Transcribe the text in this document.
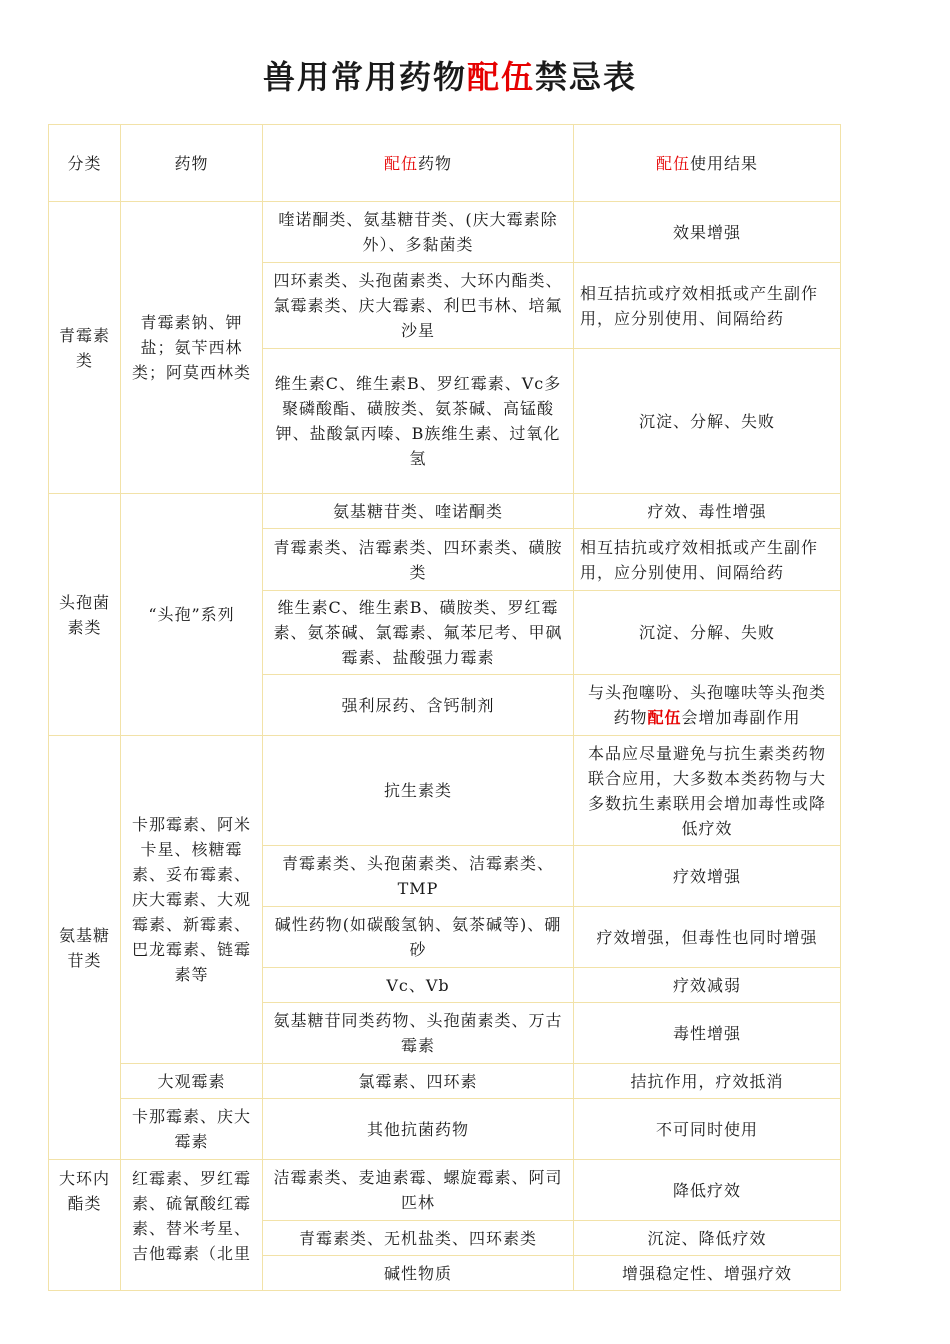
兽用常用药物配伍禁忌表
分类	药物	配伍药物	配伍使用结果
青霉素类	青霉素钠、钾盐；氨苄西林类；阿莫西林类	喹诺酮类、氨基糖苷类、(庆大霉素除外）、多黏菌类	效果增强
		四环素类、头孢菌素类、大环内酯类、氯霉素类、庆大霉素、利巴韦林、培氟沙星	相互拮抗或疗效相抵或产生副作用，应分别使用、间隔给药
		维生素C、维生素B、罗红霉素、Vc多聚磷酸酯、磺胺类、氨茶碱、高锰酸钾、盐酸氯丙嗪、B族维生素、过氧化氢	沉淀、分解、失败
头孢菌素类	“头孢”系列	氨基糖苷类、喹诺酮类	疗效、毒性增强
		青霉素类、洁霉素类、四环素类、磺胺类	相互拮抗或疗效相抵或产生副作用，应分别使用、间隔给药
		维生素C、维生素B、磺胺类、罗红霉素、氨茶碱、氯霉素、氟苯尼考、甲砜霉素、盐酸强力霉素	沉淀、分解、失败
		强利尿药、含钙制剂	与头孢噻吩、头孢噻呋等头孢类药物配伍会增加毒副作用
氨基糖苷类	卡那霉素、阿米卡星、核糖霉素、妥布霉素、庆大霉素、大观霉素、新霉素、巴龙霉素、链霉素等	抗生素类	本品应尽量避免与抗生素类药物联合应用，大多数本类药物与大多数抗生素联用会增加毒性或降低疗效
		青霉素类、头孢菌素类、洁霉素类、TMP	疗效增强
		碱性药物(如碳酸氢钠、氨茶碱等)、硼砂	疗效增强，但毒性也同时增强
		Vc、Vb	疗效减弱
		氨基糖苷同类药物、头孢菌素类、万古霉素	毒性增强
	大观霉素	氯霉素、四环素	拮抗作用，疗效抵消
	卡那霉素、庆大霉素	其他抗菌药物	不可同时使用
大环内酯类	红霉素、罗红霉素、硫氰酸红霉素、替米考星、吉他霉素（北里	洁霉素类、麦迪素霉、螺旋霉素、阿司匹林	降低疗效
		青霉素类、无机盐类、四环素类	沉淀、降低疗效
		碱性物质	增强稳定性、增强疗效
